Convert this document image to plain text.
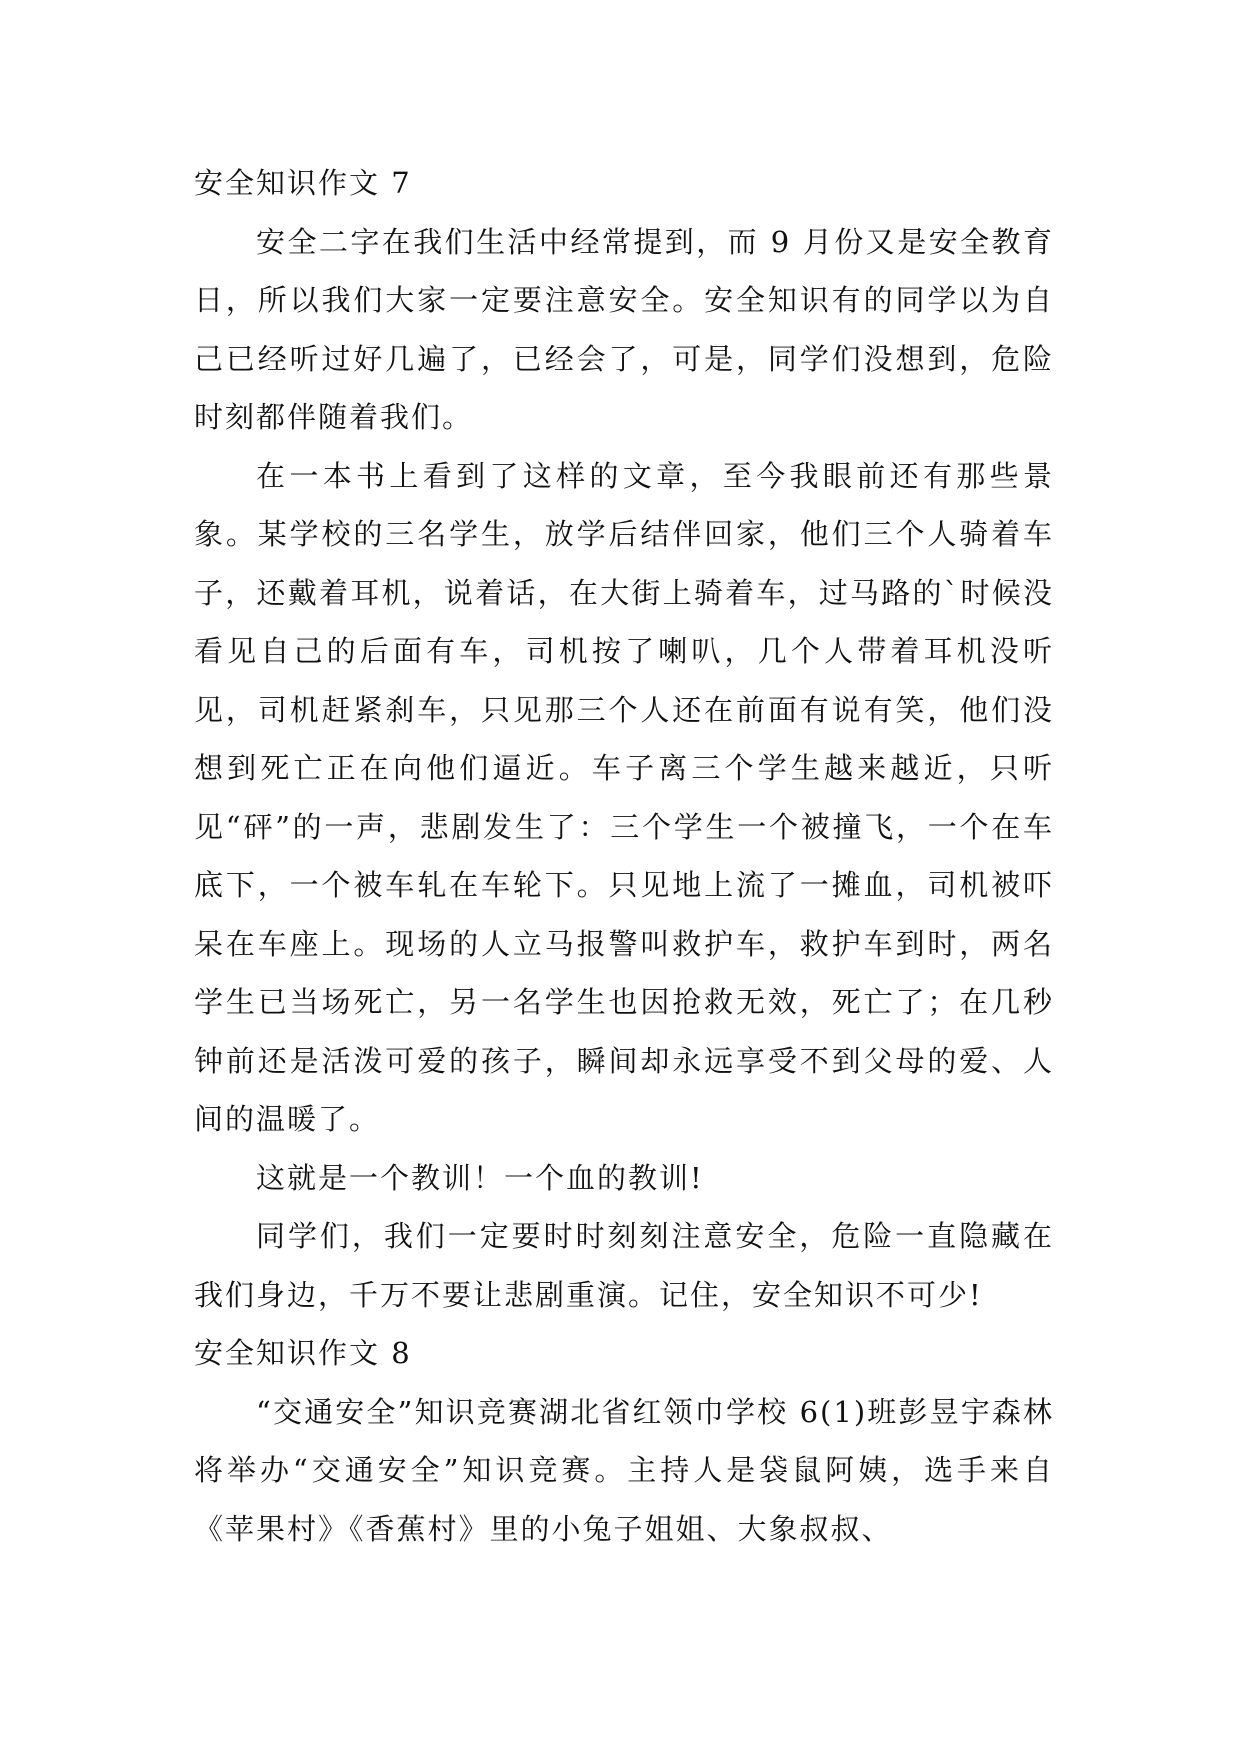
安全知识作文 7

安全二字在我们生活中经常提到，而 9 月份又是安全教育日，所以我们大家一定要注意安全。安全知识有的同学以为自己已经听过好几遍了，已经会了，可是，同学们没想到，危险时刻都伴随着我们。

在一本书上看到了这样的文章，至今我眼前还有那些景象。某学校的三名学生，放学后结伴回家，他们三个人骑着车子，还戴着耳机，说着话，在大街上骑着车，过马路的`时候没看见自己的后面有车，司机按了喇叭，几个人带着耳机没听见，司机赶紧刹车，只见那三个人还在前面有说有笑，他们没想到死亡正在向他们逼近。车子离三个学生越来越近，只听见“砰”的一声，悲剧发生了：三个学生一个被撞飞，一个在车底下，一个被车轧在车轮下。只见地上流了一摊血，司机被吓呆在车座上。现场的人立马报警叫救护车，救护车到时，两名学生已当场死亡，另一名学生也因抢救无效，死亡了；在几秒钟前还是活泼可爱的孩子，瞬间却永远享受不到父母的爱、人间的温暖了。

这就是一个教训！一个血的教训!

同学们，我们一定要时时刻刻注意安全，危险一直隐藏在我们身边，千万不要让悲剧重演。记住，安全知识不可少!

安全知识作文 8

“交通安全”知识竞赛湖北省红领巾学校 6(1)班彭昱宇森林将举办“交通安全”知识竞赛。主持人是袋鼠阿姨，选手来自《苹果村》《香蕉村》里的小兔子姐姐、大象叔叔、
